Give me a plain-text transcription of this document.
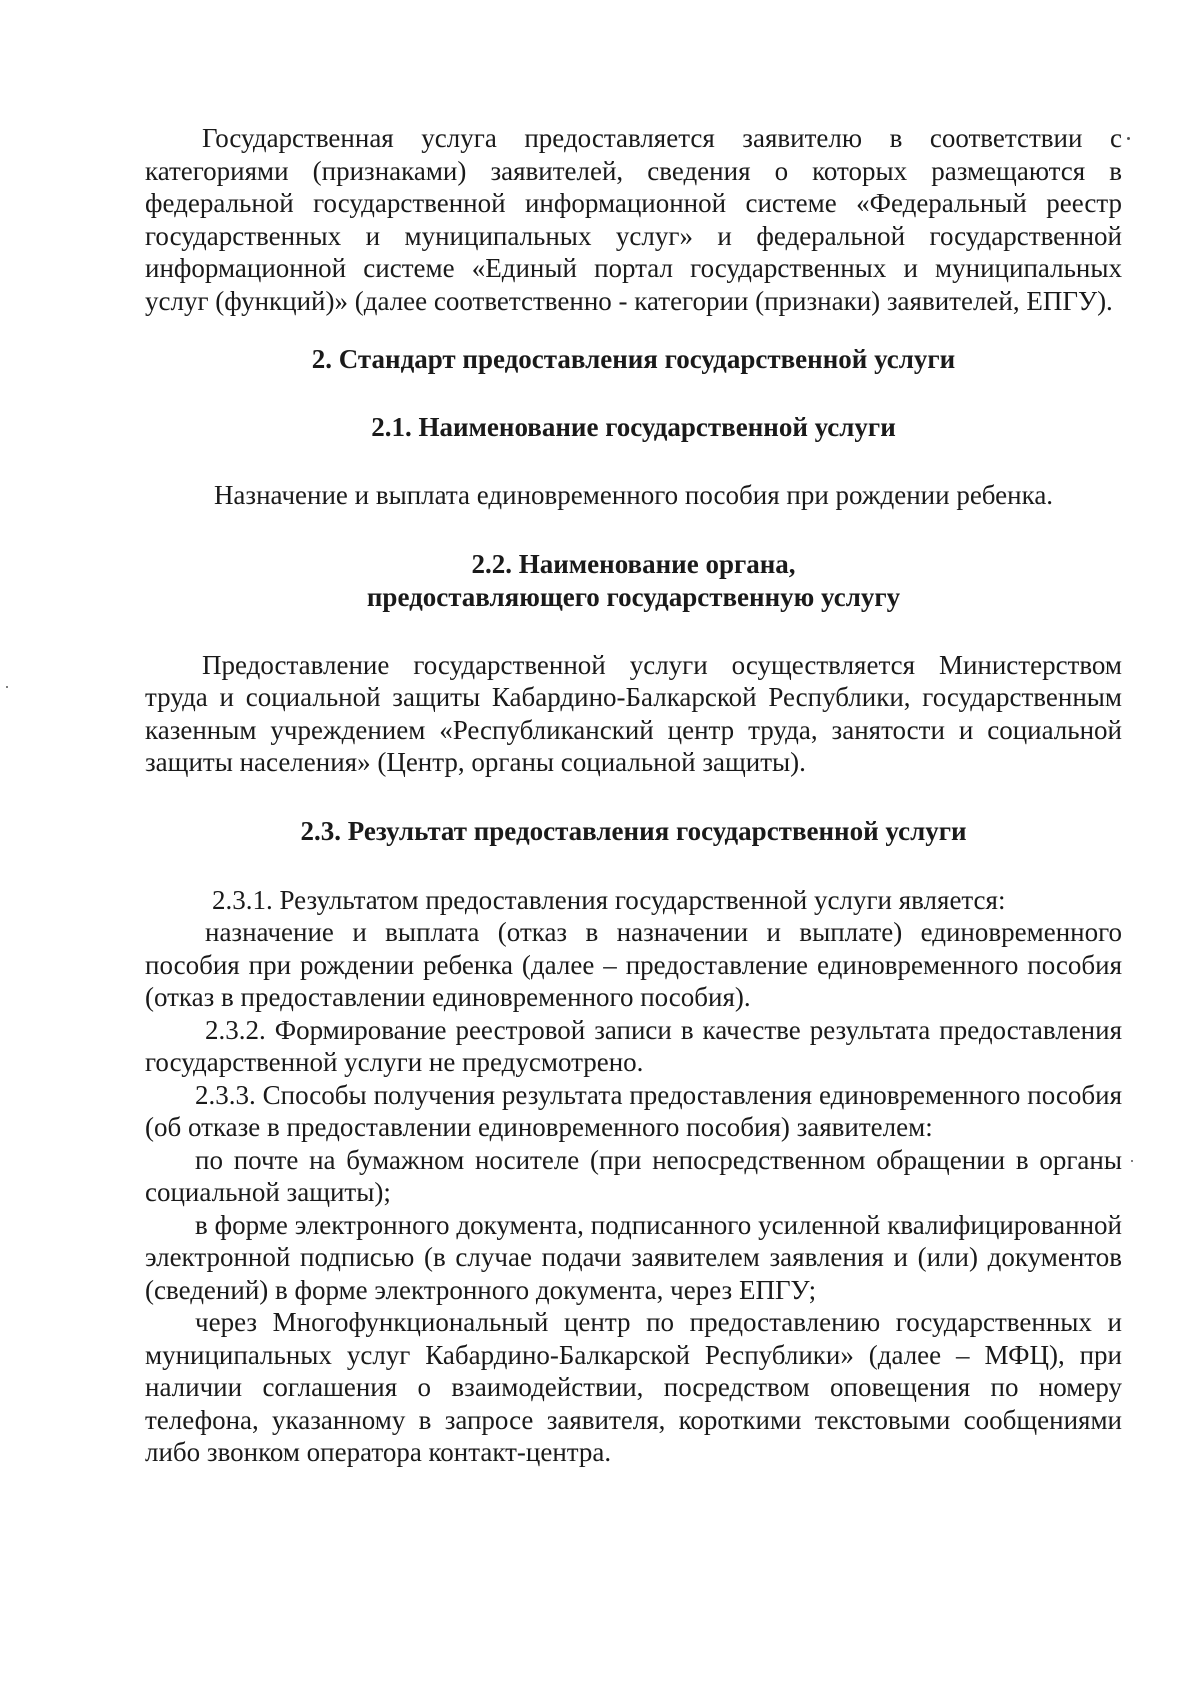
Государственная услуга предоставляется заявителю в соответствии с категориями (признаками) заявителей, сведения о которых размещаются в федеральной государственной информационной системе «Федеральный реестр государственных и муниципальных услуг» и федеральной государственной информационной системе «Единый портал государственных и муниципальных услуг (функций)» (далее соответственно - категории (признаки) заявителей, ЕПГУ).

2. Стандарт предоставления государственной услуги
2.1. Наименование государственной услуги

Назначение и выплата единовременного пособия при рождении ребенка.

2.2. Наименование органа,
предоставляющего государственную услугу

Предоставление государственной услуги осуществляется Министерством труда и социальной защиты Кабардино-Балкарской Республики, государственным казенным учреждением «Республиканский центр труда, занятости и социальной защиты населения» (Центр, органы социальной защиты).

2.3. Результат предоставления государственной услуги

2.3.1. Результатом предоставления государственной услуги является:

назначение и выплата (отказ в назначении и выплате) единовременного пособия при рождении ребенка (далее – предоставление единовременного пособия (отказ в предоставлении единовременного пособия).

2.3.2. Формирование реестровой записи в качестве результата предоставления государственной услуги не предусмотрено.

2.3.3. Способы получения результата предоставления единовременного пособия (об отказе в предоставлении единовременного пособия) заявителем:

по почте на бумажном носителе (при непосредственном обращении в органы социальной защиты);

в форме электронного документа, подписанного усиленной квалифицированной электронной подписью (в случае подачи заявителем заявления и (или) документов (сведений) в форме электронного документа, через ЕПГУ;

через Многофункциональный центр по предоставлению государственных и муниципальных услуг Кабардино-Балкарской Республики» (далее – МФЦ), при наличии соглашения о взаимодействии, посредством оповещения по номеру телефона, указанному в запросе заявителя, короткими текстовыми сообщениями либо звонком оператора контакт-центра.
